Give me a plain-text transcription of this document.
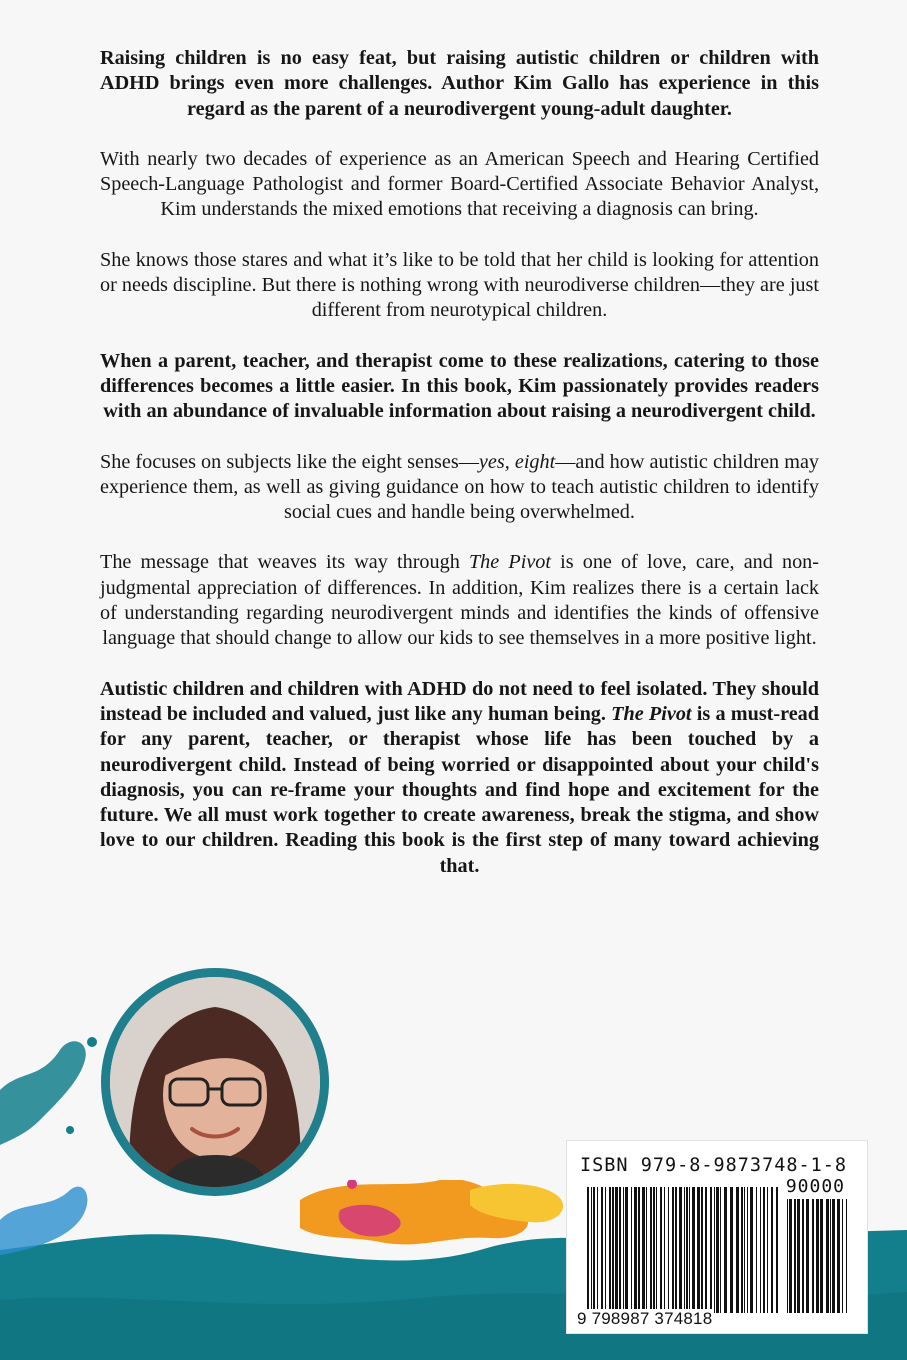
Raising children is no easy feat, but raising autistic children or children with ADHD brings even more challenges. Author Kim Gallo has experience in this regard as the parent of a neurodivergent young-adult daughter.

With nearly two decades of experience as an American Speech and Hearing Certified Speech-Language Pathologist and former Board-Certified Associate Behavior Analyst, Kim understands the mixed emotions that receiving a diagnosis can bring.

She knows those stares and what it’s like to be told that her child is looking for attention or needs discipline. But there is nothing wrong with neurodiverse children—they are just different from neurotypical children.

When a parent, teacher, and therapist come to these realizations, catering to those differences becomes a little easier. In this book, Kim passionately provides readers with an abundance of invaluable information about raising a neurodivergent child.

She focuses on subjects like the eight senses—yes, eight—and how autistic children may experience them, as well as giving guidance on how to teach autistic children to identify social cues and handle being overwhelmed.

The message that weaves its way through The Pivot is one of love, care, and non-judgmental appreciation of differences. In addition, Kim realizes there is a certain lack of understanding regarding neurodivergent minds and identifies the kinds of offensive language that should change to allow our kids to see themselves in a more positive light.

Autistic children and children with ADHD do not need to feel isolated. They should instead be included and valued, just like any human being. The Pivot is a must-read for any parent, teacher, or therapist whose life has been touched by a neurodivergent child. Instead of being worried or disappointed about your child's diagnosis, you can re-frame your thoughts and find hope and excitement for the future. We all must work together to create awareness, break the stigma, and show love to our children. Reading this book is the first step of many toward achieving that.

ISBN 979-8-9873748-1-8
90000
9 798987 374818
